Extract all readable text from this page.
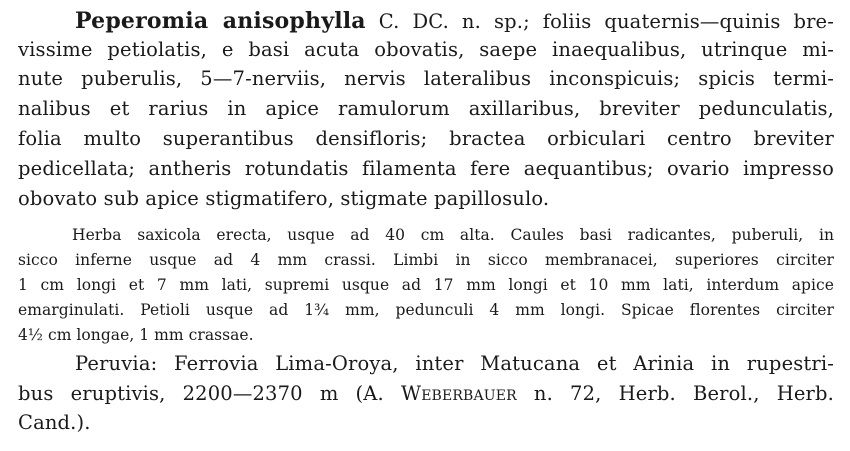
Peperomia anisophylla C. DC. n. sp.; foliis quaternis—quinis bre-
vissime petiolatis, e basi acuta obovatis, saepe inaequalibus, utrinque mi-
nute puberulis, 5—7-nerviis, nervis lateralibus inconspicuis; spicis termi-
nalibus et rarius in apice ramulorum axillaribus, breviter pedunculatis,
folia multo superantibus densifloris; bractea orbiculari centro breviter
pedicellata; antheris rotundatis filamenta fere aequantibus; ovario impresso
obovato sub apice stigmatifero, stigmate papillosulo.
Herba saxicola erecta, usque ad 40 cm alta. Caules basi radicantes, puberuli, in
sicco inferne usque ad 4 mm crassi. Limbi in sicco membranacei, superiores circiter
1 cm longi et 7 mm lati, supremi usque ad 17 mm longi et 10 mm lati, interdum apice
emarginulati. Petioli usque ad 1¾ mm, pedunculi 4 mm longi. Spicae florentes circiter
4½ cm longae, 1 mm crassae.
Peruvia: Ferrovia Lima-Oroya, inter Matucana et Arinia in rupestri-
bus eruptivis, 2200—2370 m (A. Weberbauer n. 72, Herb. Berol., Herb.
Cand.).
